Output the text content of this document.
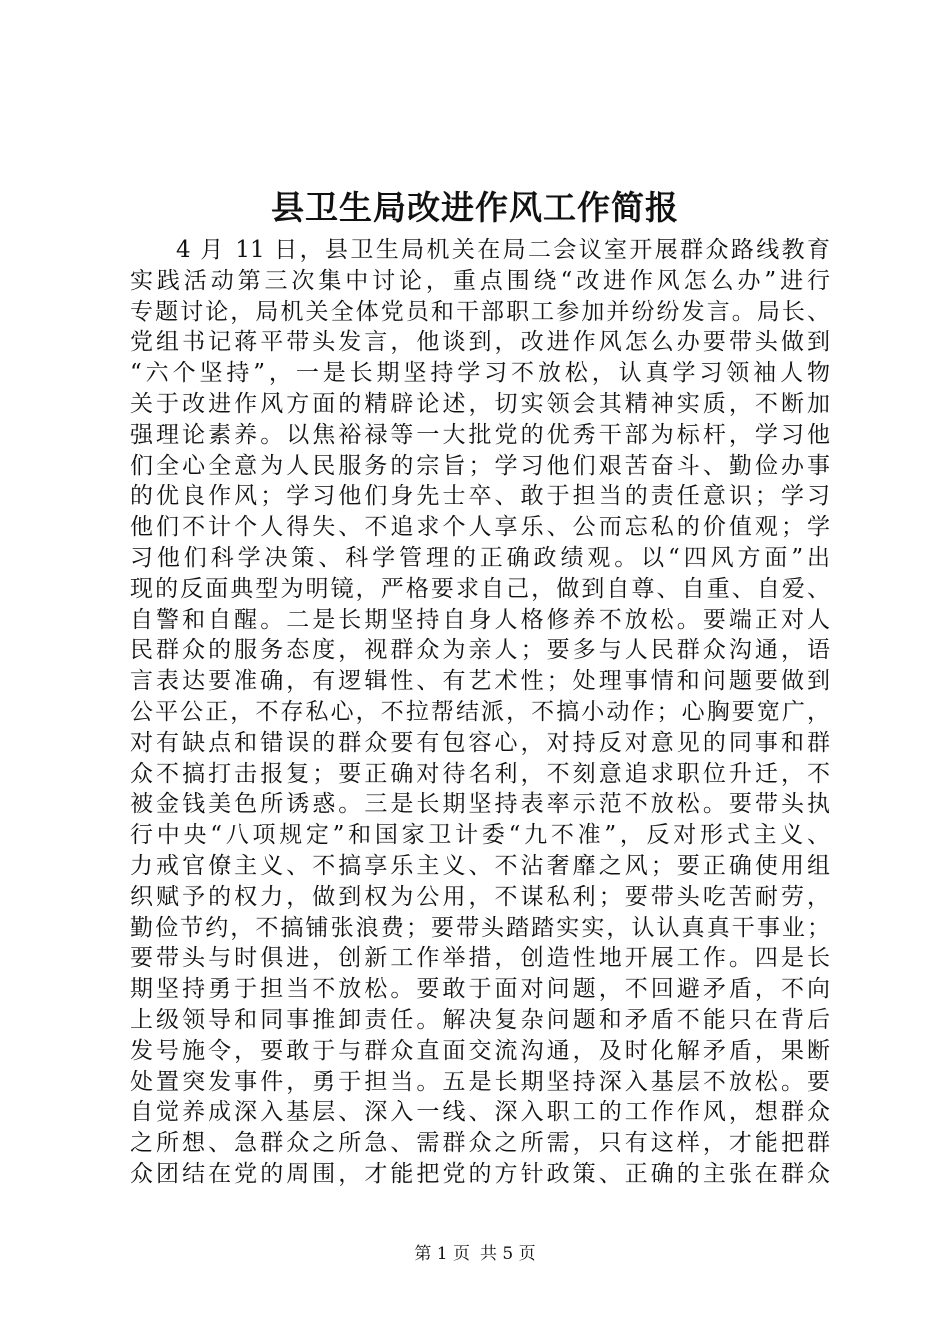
县卫生局改进作风工作简报
4 月 11 日，县卫生局机关在局二会议室开展群众路线教育
实践活动第三次集中讨论，重点围绕“改进作风怎么办”进行
专题讨论，局机关全体党员和干部职工参加并纷纷发言。局长、
党组书记蒋平带头发言，他谈到，改进作风怎么办要带头做到
“六个坚持”，一是长期坚持学习不放松，认真学习领袖人物
关于改进作风方面的精辟论述，切实领会其精神实质，不断加
强理论素养。以焦裕禄等一大批党的优秀干部为标杆，学习他
们全心全意为人民服务的宗旨；学习他们艰苦奋斗、勤俭办事
的优良作风；学习他们身先士卒、敢于担当的责任意识；学习
他们不计个人得失、不追求个人享乐、公而忘私的价值观；学
习他们科学决策、科学管理的正确政绩观。以“四风方面”出
现的反面典型为明镜，严格要求自己，做到自尊、自重、自爱、
自警和自醒。二是长期坚持自身人格修养不放松。要端正对人
民群众的服务态度，视群众为亲人；要多与人民群众沟通，语
言表达要准确，有逻辑性、有艺术性；处理事情和问题要做到
公平公正，不存私心，不拉帮结派，不搞小动作；心胸要宽广，
对有缺点和错误的群众要有包容心，对持反对意见的同事和群
众不搞打击报复；要正确对待名利，不刻意追求职位升迁，不
被金钱美色所诱惑。三是长期坚持表率示范不放松。要带头执
行中央“八项规定”和国家卫计委“九不准”，反对形式主义、
力戒官僚主义、不搞享乐主义、不沾奢靡之风；要正确使用组
织赋予的权力，做到权为公用，不谋私利；要带头吃苦耐劳，
勤俭节约，不搞铺张浪费；要带头踏踏实实，认认真真干事业；
要带头与时俱进，创新工作举措，创造性地开展工作。四是长
期坚持勇于担当不放松。要敢于面对问题，不回避矛盾，不向
上级领导和同事推卸责任。解决复杂问题和矛盾不能只在背后
发号施令，要敢于与群众直面交流沟通，及时化解矛盾，果断
处置突发事件，勇于担当。五是长期坚持深入基层不放松。要
自觉养成深入基层、深入一线、深入职工的工作作风，想群众
之所想、急群众之所急、需群众之所需，只有这样，才能把群
众团结在党的周围，才能把党的方针政策、正确的主张在群众
第 1 页 共 5 页
